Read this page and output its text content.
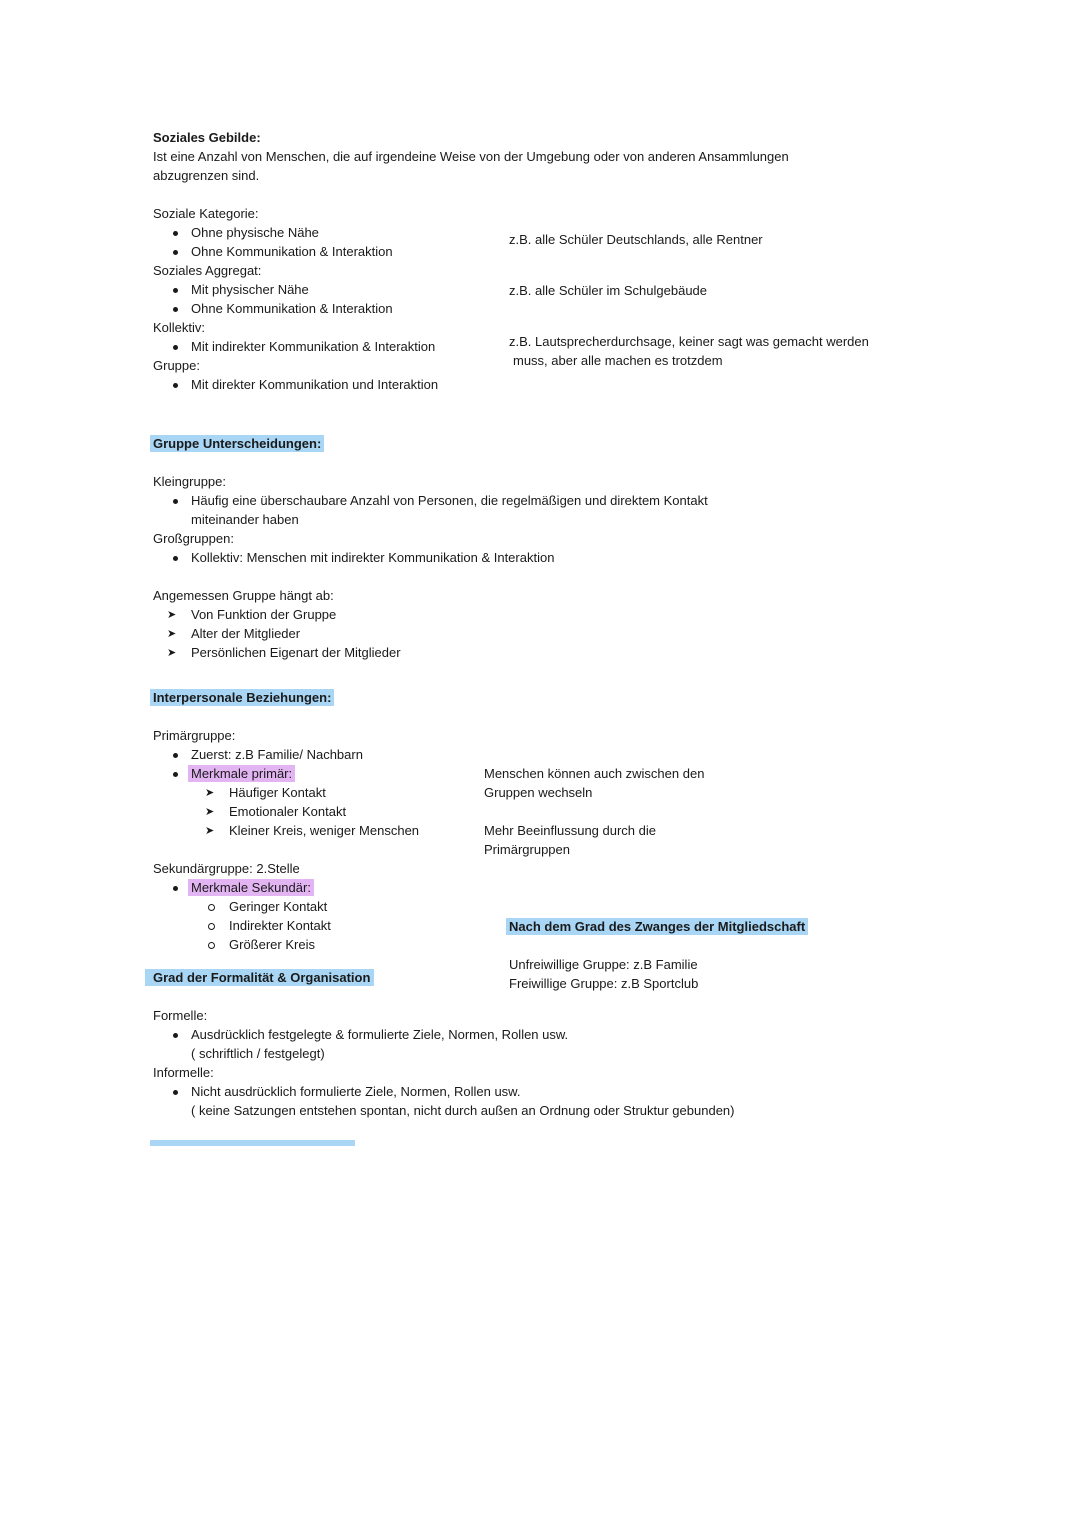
Soziales Gebilde:
Ist eine Anzahl von Menschen, die auf irgendeine Weise von der Umgebung oder von anderen Ansammlungen
abzugrenzen sind.
Soziale Kategorie:
Ohne physische Nähe
Ohne Kommunikation & Interaktion
Soziales Aggregat:
Mit physischer Nähe
Ohne Kommunikation & Interaktion
Kollektiv:
Mit indirekter Kommunikation & Interaktion
Gruppe:
Mit direkter Kommunikation und Interaktion
z.B. alle Schüler Deutschlands, alle Rentner
z.B. alle Schüler im Schulgebäude
z.B. Lautsprecherdurchsage, keiner sagt was gemacht werden
muss, aber alle machen es trotzdem
Gruppe Unterscheidungen:
Kleingruppe:
Häufig eine überschaubare Anzahl von Personen, die regelmäßigen und direktem Kontakt
miteinander haben
Großgruppen:
Kollektiv: Menschen mit indirekter Kommunikation & Interaktion
Angemessen Gruppe hängt ab:
➤ Von Funktion der Gruppe
➤ Alter der Mitglieder
➤ Persönlichen Eigenart der Mitglieder
Interpersonale Beziehungen:
Primärgruppe:
Zuerst: z.B Familie/ Nachbarn
Merkmale primär:
➤ Häufiger Kontakt
➤ Emotionaler Kontakt
➤ Kleiner Kreis, weniger Menschen
Menschen können auch zwischen den
Gruppen wechseln
Mehr Beeinflussung durch die
Primärgruppen
Sekundärgruppe: 2.Stelle
Merkmale Sekundär:
Geringer Kontakt
Indirekter Kontakt
Größerer Kreis
Nach dem Grad des Zwanges der Mitgliedschaft
Unfreiwillige Gruppe: z.B Familie
Freiwillige Gruppe: z.B Sportclub
Grad der Formalität & Organisation
Formelle:
Ausdrücklich festgelegte & formulierte Ziele, Normen, Rollen usw.
( schriftlich / festgelegt)
Informelle:
Nicht ausdrücklich formulierte Ziele, Normen, Rollen usw.
( keine Satzungen entstehen spontan, nicht durch außen an Ordnung oder Struktur gebunden)
